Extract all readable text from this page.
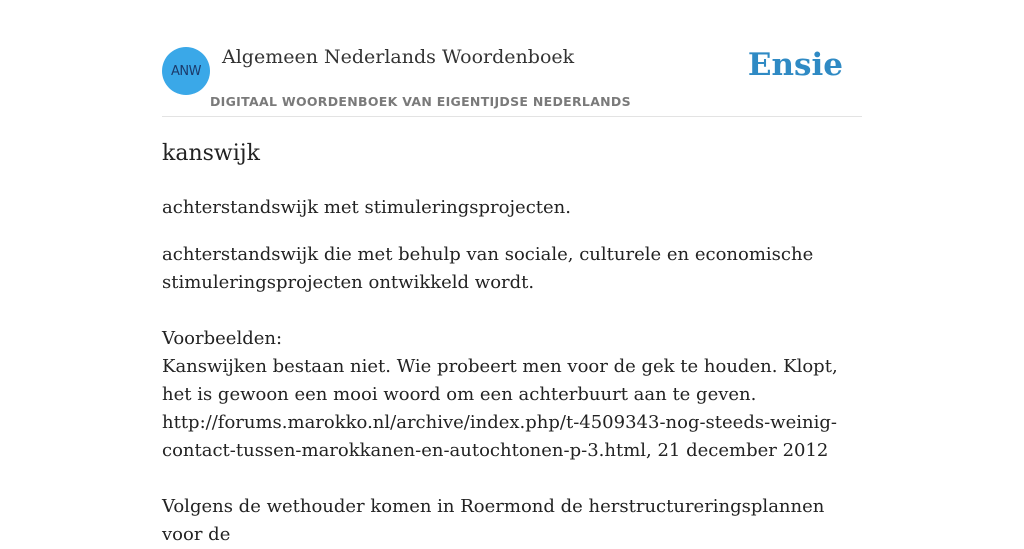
ANW
Algemeen Nederlands Woordenboek
DIGITAAL WOORDENBOEK VAN EIGENTIJDSE NEDERLANDS
Ensie
kanswijk

achterstandswijk met stimuleringsprojecten.

achterstandswijk die met behulp van sociale, culturele en economische stimuleringsprojecten ontwikkeld wordt.

Voorbeelden:

Kanswijken bestaan niet. Wie probeert men voor de gek te houden. Klopt, het is gewoon een mooi woord om een achterbuurt aan te geven. http://forums.marokko.nl/archive/index.php/t-4509343-nog-steeds-weinig-contact-tussen-marokkanen-en-autochtonen-p-3.html, 21 december 2012

Volgens de wethouder komen in Roermond de herstructureringsplannen voor de
